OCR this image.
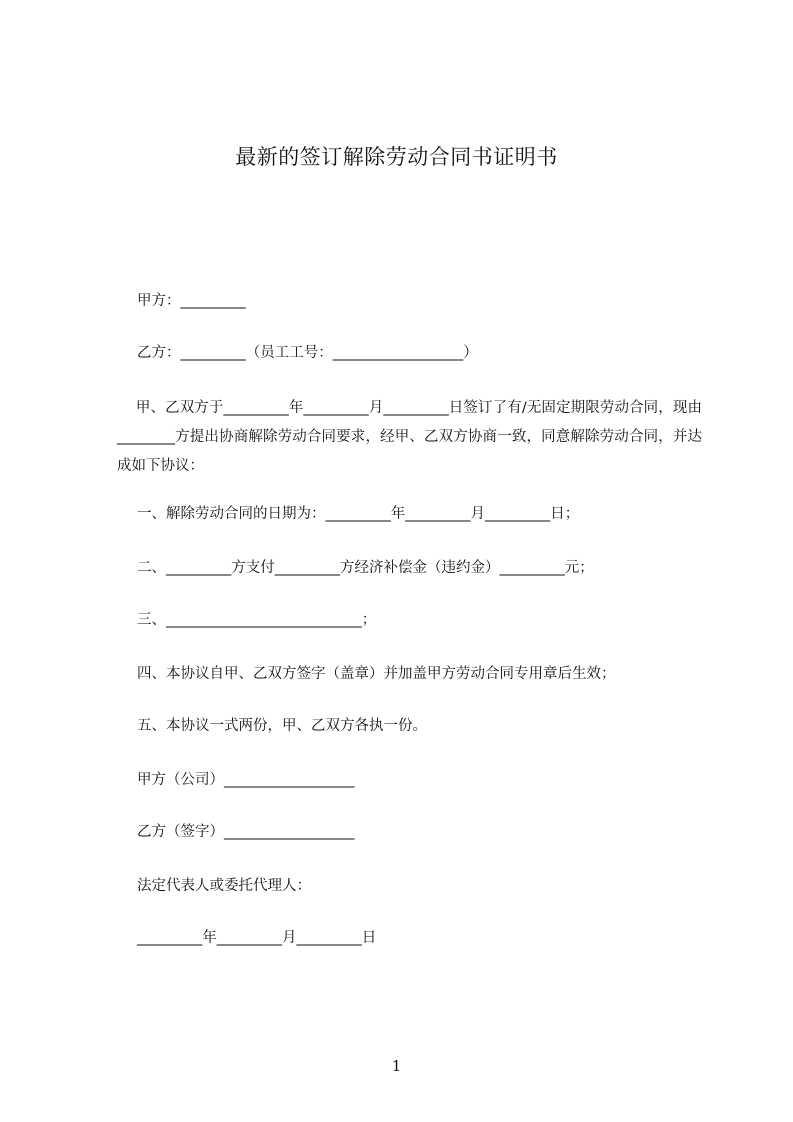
最新的签订解除劳动合同书证明书
甲方：_________
乙方：_________（员工工号：__________________）
甲、乙双方于_________年_________月_________日签订了有/无固定期限劳动合同，现由________方提出协商解除劳动合同要求，经甲、乙双方协商一致，同意解除劳动合同，并达成如下协议：
一、解除劳动合同的日期为：_________年_________月_________日；
二、_________方支付_________方经济补偿金（违约金）_________元；
三、___________________________；
四、本协议自甲、乙双方签字（盖章）并加盖甲方劳动合同专用章后生效；
五、本协议一式两份，甲、乙双方各执一份。
甲方（公司）__________________
乙方（签字）__________________
法定代表人或委托代理人：
_________年_________月_________日
1
